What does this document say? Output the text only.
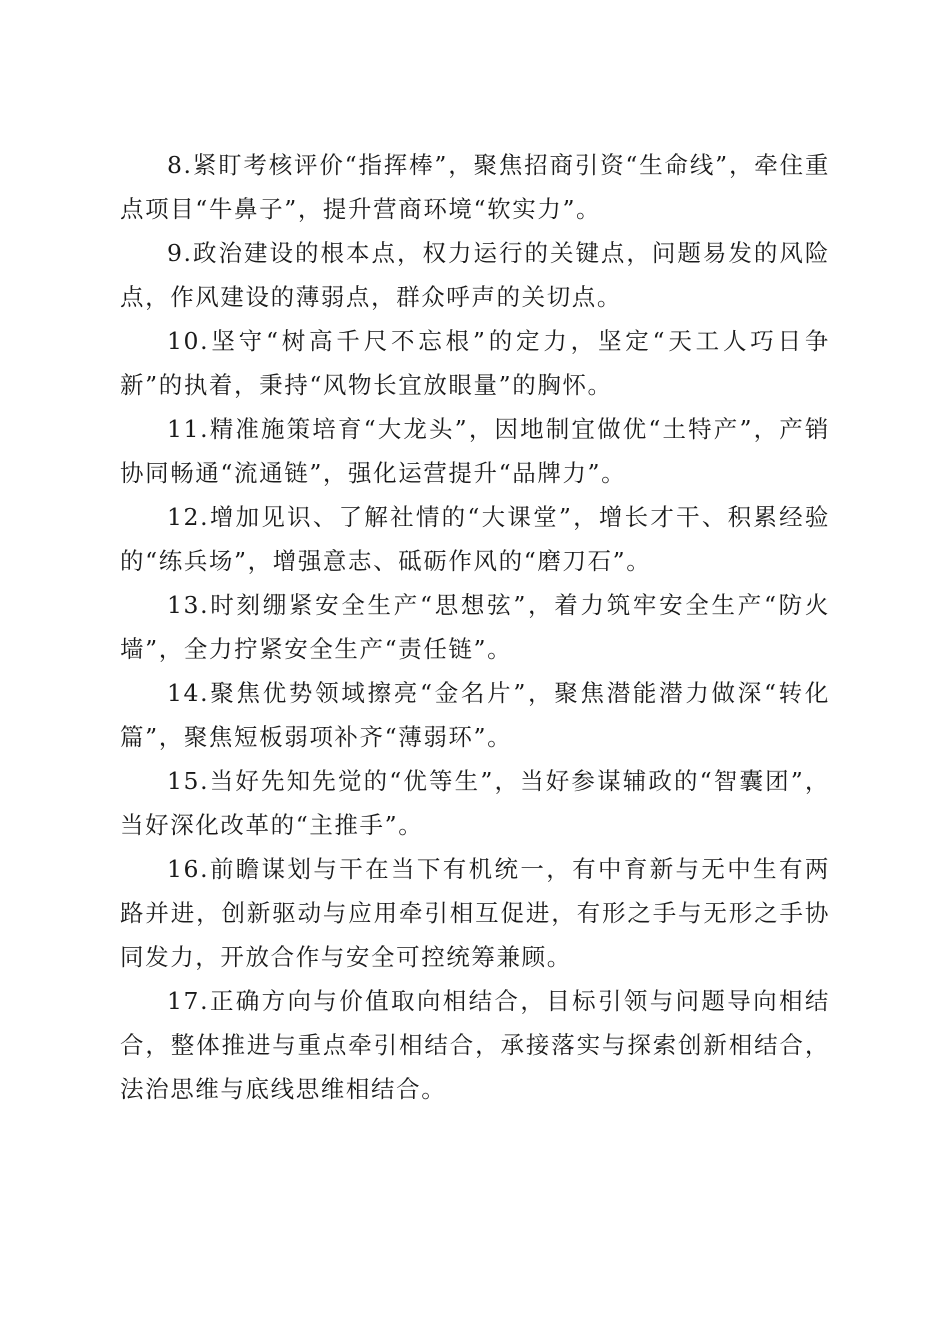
8.紧盯考核评价“指挥棒”，聚焦招商引资“生命线”，牵住重点项目“牛鼻子”，提升营商环境“软实力”。

9.政治建设的根本点，权力运行的关键点，问题易发的风险点，作风建设的薄弱点，群众呼声的关切点。

10.坚守“树高千尺不忘根”的定力，坚定“天工人巧日争新”的执着，秉持“风物长宜放眼量”的胸怀。

11.精准施策培育“大龙头”，因地制宜做优“土特产”，产销协同畅通“流通链”，强化运营提升“品牌力”。

12.增加见识、了解社情的“大课堂”，增长才干、积累经验的“练兵场”，增强意志、砥砺作风的“磨刀石”。

13.时刻绷紧安全生产“思想弦”，着力筑牢安全生产“防火墙”，全力拧紧安全生产“责任链”。

14.聚焦优势领域擦亮“金名片”，聚焦潜能潜力做深“转化篇”，聚焦短板弱项补齐“薄弱环”。

15.当好先知先觉的“优等生”，当好参谋辅政的“智囊团”，当好深化改革的“主推手”。

16.前瞻谋划与干在当下有机统一，有中育新与无中生有两路并进，创新驱动与应用牵引相互促进，有形之手与无形之手协同发力，开放合作与安全可控统筹兼顾。

17.正确方向与价值取向相结合，目标引领与问题导向相结合，整体推进与重点牵引相结合，承接落实与探索创新相结合，法治思维与底线思维相结合。
